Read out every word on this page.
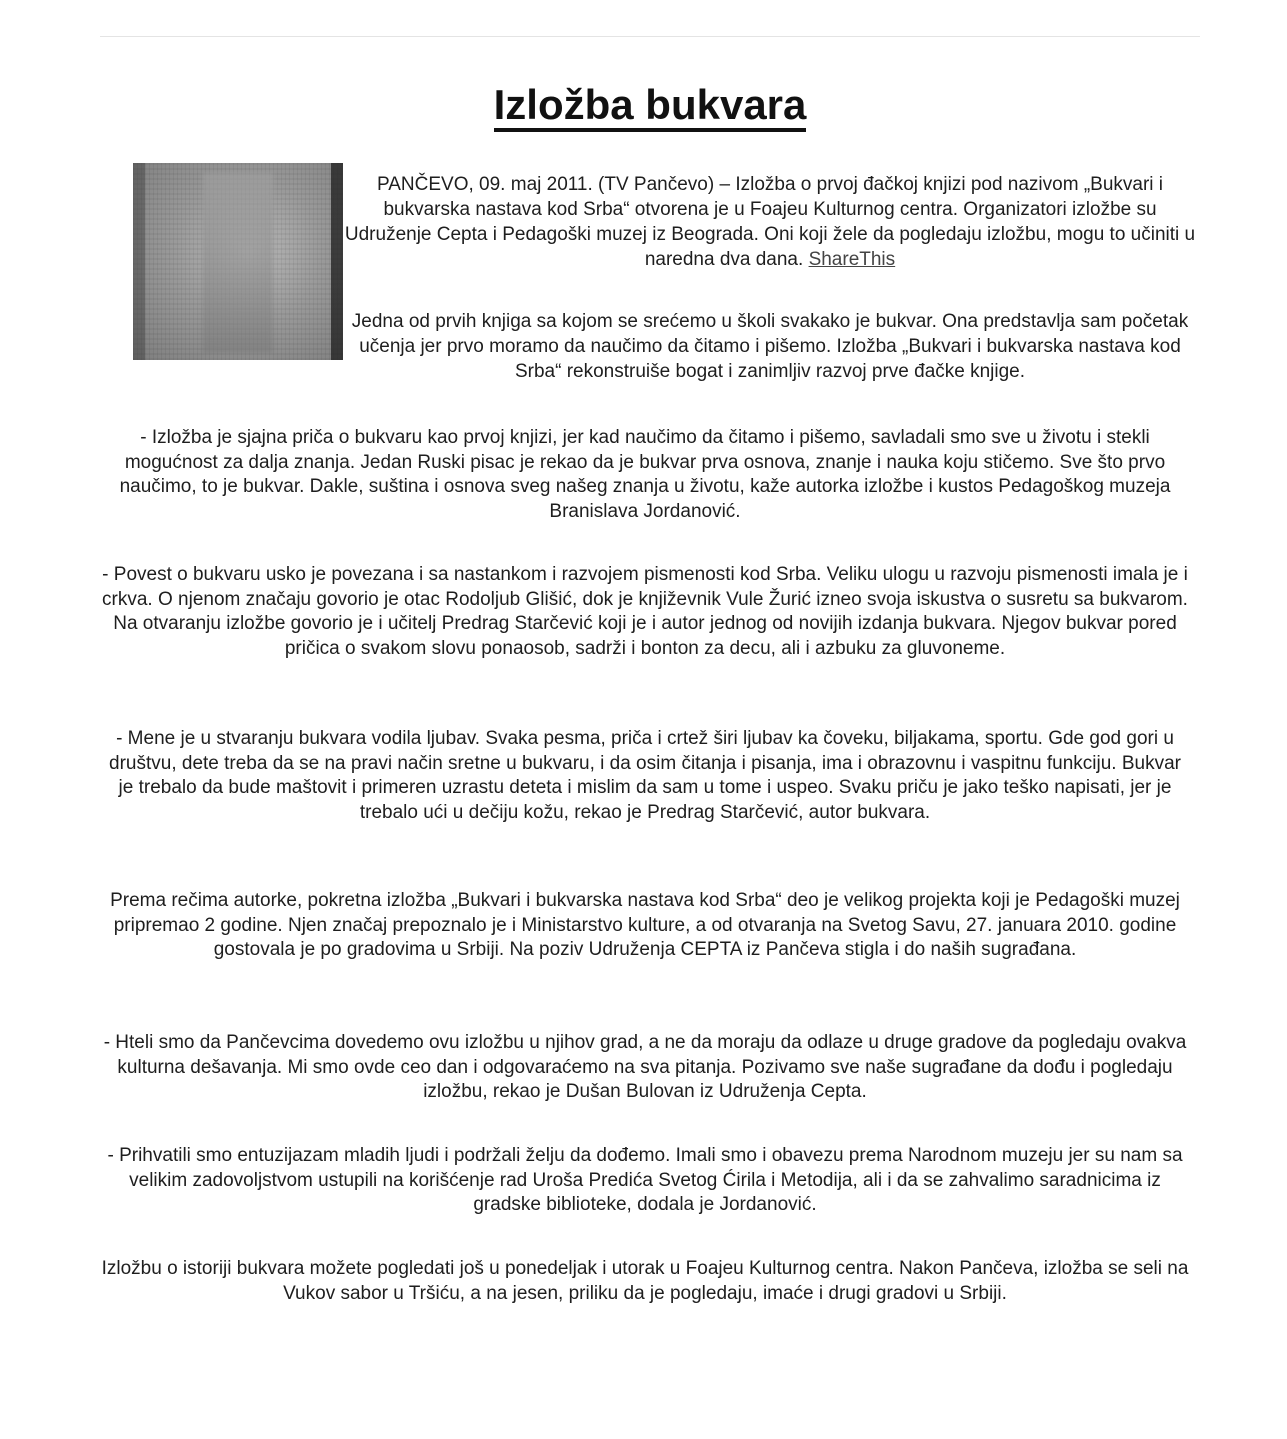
Izložba bukvara

PANČEVO, 09. maj 2011. (TV Pančevo) – Izložba o prvoj đačkoj knjizi pod nazivom „Bukvari i bukvarska nastava kod Srba“ otvorena je u Foajeu Kulturnog centra. Organizatori izložbe su Udruženje Cepta i Pedagoški muzej iz Beograda. Oni koji žele da pogledaju izložbu, mogu to učiniti u naredna dva dana. ShareThis

Jedna od prvih knjiga sa kojom se srećemo u školi svakako je bukvar. Ona predstavlja sam početak učenja jer prvo moramo da naučimo da čitamo i pišemo. Izložba „Bukvari i bukvarska nastava kod Srba“ rekonstruiše bogat i zanimljiv razvoj prve đačke knjige.

- Izložba je sjajna priča o bukvaru kao prvoj knjizi, jer kad naučimo da čitamo i pišemo, savladali smo sve u životu i stekli mogućnost za dalja znanja. Jedan Ruski pisac je rekao da je bukvar prva osnova, znanje i nauka koju stičemo. Sve što prvo naučimo, to je bukvar. Dakle, suština i osnova sveg našeg znanja u životu, kaže autorka izložbe i kustos Pedagoškog muzeja Branislava Jordanović.

- Povest o bukvaru usko je povezana i sa nastankom i razvojem pismenosti kod Srba. Veliku ulogu u razvoju pismenosti imala je i crkva. O njenom značaju govorio je otac Rodoljub Glišić, dok je književnik Vule Žurić izneo svoja iskustva o susretu sa bukvarom. Na otvaranju izložbe govorio je i učitelj Predrag Starčević koji je i autor jednog od novijih izdanja bukvara. Njegov bukvar pored pričica o svakom slovu ponaosob, sadrži i bonton za decu, ali i azbuku za gluvoneme.

- Mene je u stvaranju bukvara vodila ljubav. Svaka pesma, priča i crtež širi ljubav ka čoveku, biljakama, sportu. Gde god gori u društvu, dete treba da se na pravi način sretne u bukvaru, i da osim čitanja i pisanja, ima i obrazovnu i vaspitnu funkciju. Bukvar je trebalo da bude maštovit i primeren uzrastu deteta i mislim da sam u tome i uspeo. Svaku priču je jako teško napisati, jer je trebalo ući u dečiju kožu, rekao je Predrag Starčević, autor bukvara.

Prema rečima autorke, pokretna izložba „Bukvari i bukvarska nastava kod Srba“ deo je velikog projekta koji je Pedagoški muzej pripremao 2 godine. Njen značaj prepoznalo je i Ministarstvo kulture, a od otvaranja na Svetog Savu, 27. januara 2010. godine gostovala je po gradovima u Srbiji. Na poziv Udruženja CEPTA iz Pančeva stigla i do naših sugrađana.

- Hteli smo da Pančevcima dovedemo ovu izložbu u njihov grad, a ne da moraju da odlaze u druge gradove da pogledaju ovakva kulturna dešavanja. Mi smo ovde ceo dan i odgovaraćemo na sva pitanja. Pozivamo sve naše sugrađane da dođu i pogledaju izložbu, rekao je Dušan Bulovan iz Udruženja Cepta.

- Prihvatili smo entuzijazam mladih ljudi i podržali želju da dođemo. Imali smo i obavezu prema Narodnom muzeju jer su nam sa velikim zadovoljstvom ustupili na korišćenje rad Uroša Predića Svetog Ćirila i Metodija, ali i da se zahvalimo saradnicima iz gradske biblioteke, dodala je Jordanović.

Izložbu o istoriji bukvara možete pogledati još u ponedeljak i utorak u Foajeu Kulturnog centra. Nakon Pančeva, izložba se seli na Vukov sabor u Tršiću, a na jesen, priliku da je pogledaju, imaće i drugi gradovi u Srbiji.
